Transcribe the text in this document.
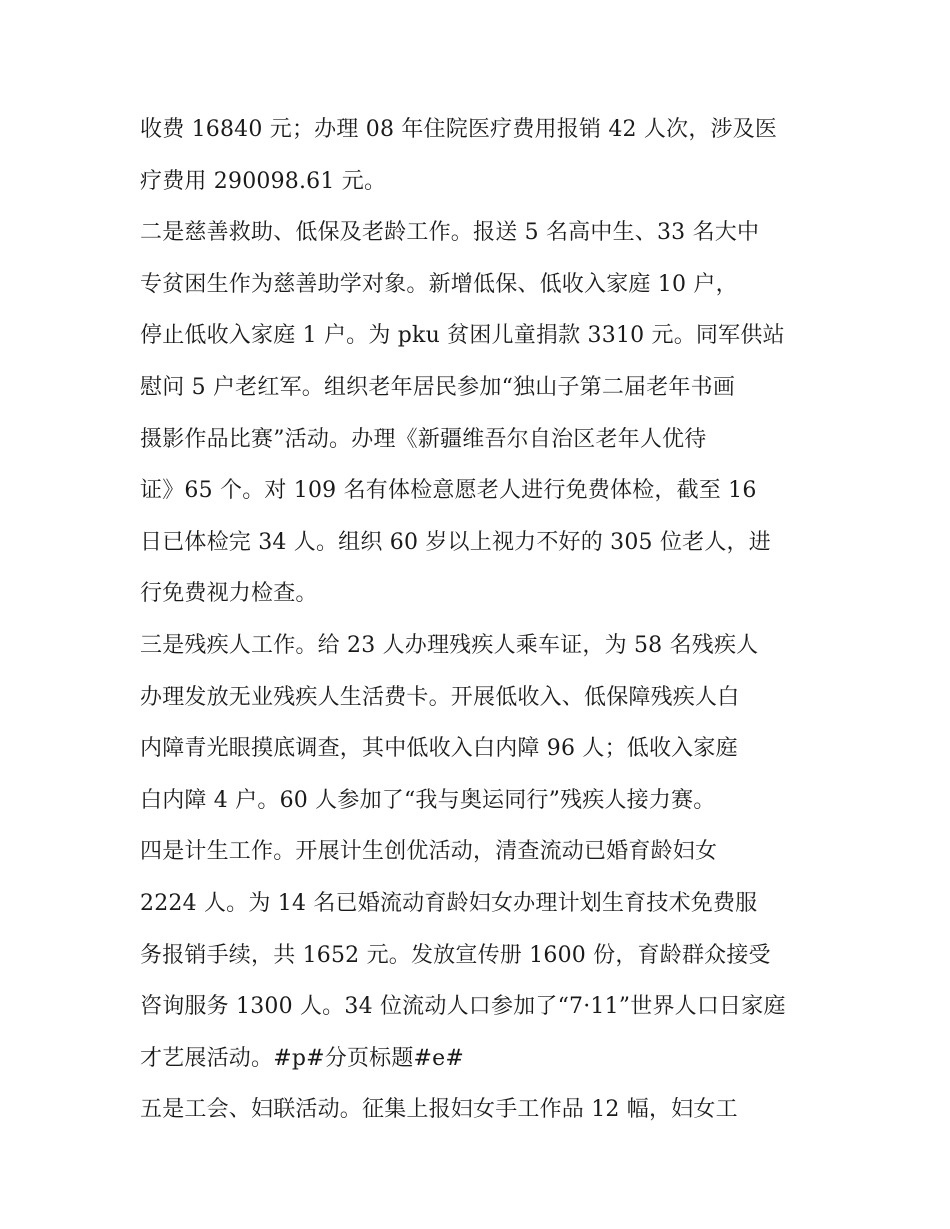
收费 16840 元；办理 08 年住院医疗费用报销 42 人次，涉及医
疗费用 290098.61 元。
二是慈善救助、低保及老龄工作。报送 5 名高中生、33 名大中
专贫困生作为慈善助学对象。新增低保、低收入家庭 10 户，
停止低收入家庭 1 户。为 pku 贫困儿童捐款 3310 元。同军供站
慰问 5 户老红军。组织老年居民参加“独山子第二届老年书画
摄影作品比赛”活动。办理《新疆维吾尔自治区老年人优待
证》65 个。对 109 名有体检意愿老人进行免费体检，截至 16
日已体检完 34 人。组织 60 岁以上视力不好的 305 位老人，进
行免费视力检查。
三是残疾人工作。给 23 人办理残疾人乘车证，为 58 名残疾人
办理发放无业残疾人生活费卡。开展低收入、低保障残疾人白
内障青光眼摸底调查，其中低收入白内障 96 人；低收入家庭
白内障 4 户。60 人参加了“我与奥运同行”残疾人接力赛。
四是计生工作。开展计生创优活动，清查流动已婚育龄妇女
2224 人。为 14 名已婚流动育龄妇女办理计划生育技术免费服
务报销手续，共 1652 元。发放宣传册 1600 份，育龄群众接受
咨询服务 1300 人。34 位流动人口参加了“7·11”世界人口日家庭
才艺展活动。#p#分页标题#e#
五是工会、妇联活动。征集上报妇女手工作品 12 幅，妇女工
